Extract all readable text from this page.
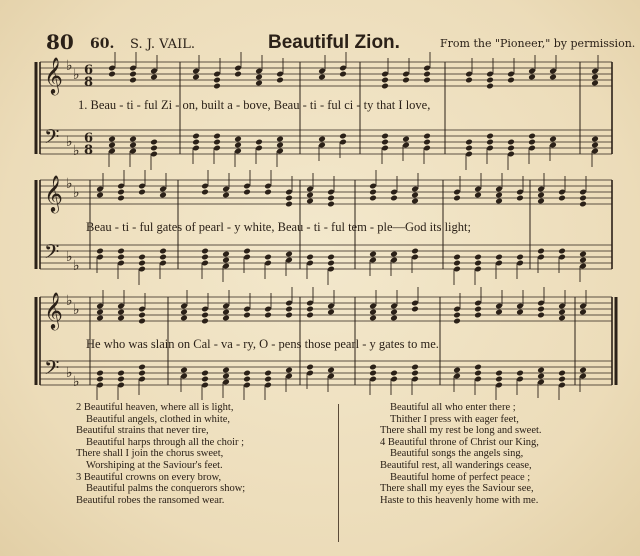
80 60. S. J. VAIL.	Beautiful Zion.	From the "Pioneer," by permission.
𝄞 ♭
♭ 6
8
𝄢 ♭
♭
6
8
𝄞 ♭
♭
𝄢 ♭
♭
𝄞 ♭
♭
𝄢 ♭
♭
1. Beau - ti - ful Zi - on, built a - bove, Beau - ti - ful ci - ty that I love,
Beau - ti - ful gates of pearl - y white, Beau - ti - ful tem - ple—God its light;
He who was slain on Cal - va - ry, O - pens those pearl - y gates to me.
2 Beautiful heaven, where all is light,
Beautiful angels, clothed in white,
Beautiful strains that never tire,
Beautiful harps through all the choir ;
There shall I join the chorus sweet,
Worshiping at the Saviour's feet.
3 Beautiful crowns on every brow,
Beautiful palms the conquerors show;
Beautiful robes the ransomed wear.
Beautiful all who enter there ;
Thither I press with eager feet,
There shall my rest be long and sweet.
4 Beautiful throne of Christ our King,
Beautiful songs the angels sing,
Beautiful rest, all wanderings cease,
Beautiful home of perfect peace ;
There shall my eyes the Saviour see,
Haste to this heavenly home with me.
